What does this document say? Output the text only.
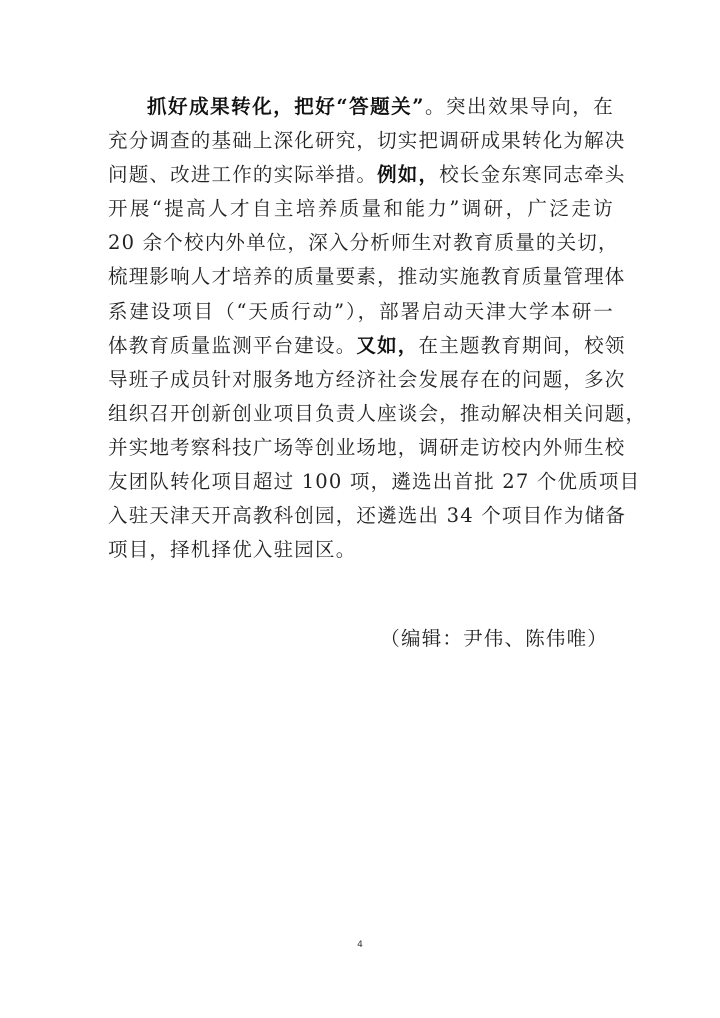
抓好成果转化，把好“答题关”。突出效果导向，在
充分调查的基础上深化研究，切实把调研成果转化为解决
问题、改进工作的实际举措。例如，校长金东寒同志牵头
开展“提高人才自主培养质量和能力”调研，广泛走访
20 余个校内外单位，深入分析师生对教育质量的关切，
梳理影响人才培养的质量要素，推动实施教育质量管理体
系建设项目（“天质行动”），部署启动天津大学本研一
体教育质量监测平台建设。又如，在主题教育期间，校领
导班子成员针对服务地方经济社会发展存在的问题，多次
组织召开创新创业项目负责人座谈会，推动解决相关问题，
并实地考察科技广场等创业场地，调研走访校内外师生校
友团队转化项目超过 100 项，遴选出首批 27 个优质项目
入驻天津天开高教科创园，还遴选出 34 个项目作为储备
项目，择机择优入驻园区。

（编辑：尹伟、陈伟唯）

4
